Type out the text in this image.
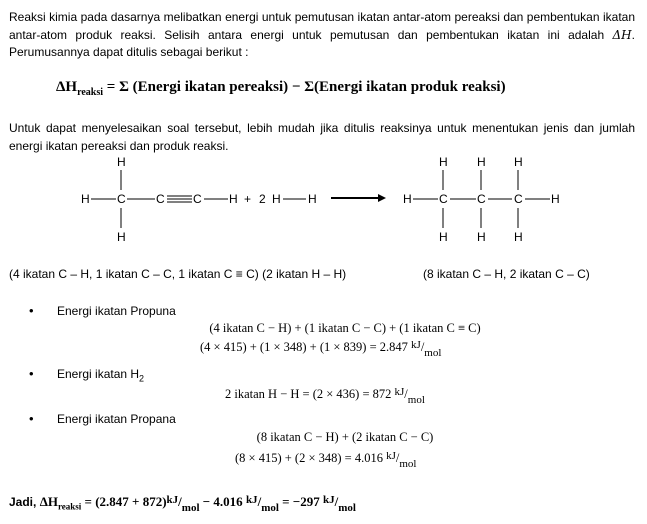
Reaksi kimia pada dasarnya melibatkan energi untuk pemutusan ikatan antar-atom pereaksi dan pembentukan ikatan antar-atom produk reaksi. Selisih antara energi untuk pemutusan dan pembentukan ikatan ini adalah ΔH. Perumusannya dapat ditulis sebagai berikut :

$\Delta H_{reaksi} = \Sigma$ (Energi ikatan pereaksi) − Σ(Energi ikatan produk reaksi)

Untuk dapat menyelesaikan soal tersebut, lebih mudah jika ditulis reaksinya untuk menentukan jenis dan jumlah energi ikatan pereaksi dan produk reaksi.

H
H C	C C H
H
+ 2 H H	H C C C H
H H H
H H H
(4 ikatan C – H, 1 ikatan C – C, 1 ikatan C ≡ C) (2 ikatan H – H)	(8 ikatan C – H, 2 ikatan C – C)
• Energi ikatan Propuna
(4 ikatan C − H) + (1 ikatan C − C) + (1 ikatan C ≡ C)
(4 × 415) + (1 × 348) + (1 × 839) = 2.847 $^{kJ}/_{mol}$
• Energi ikatan $H_2$
2 ikatan H − H = (2 × 436) = 872 $^{kJ}/_{mol}$
• Energi ikatan Propana
(8 ikatan C − H) + (2 ikatan C − C)
(8 × 415) + (2 × 348) = 4.016 $^{kJ}/_{mol}$
Jadi, $\Delta H_{reaksi} = (2.847 + 872)^{kJ}/_{mol} - 4.016$ $^{kJ}/_{mol} = -297$ $^{kJ}/_{mol}$
